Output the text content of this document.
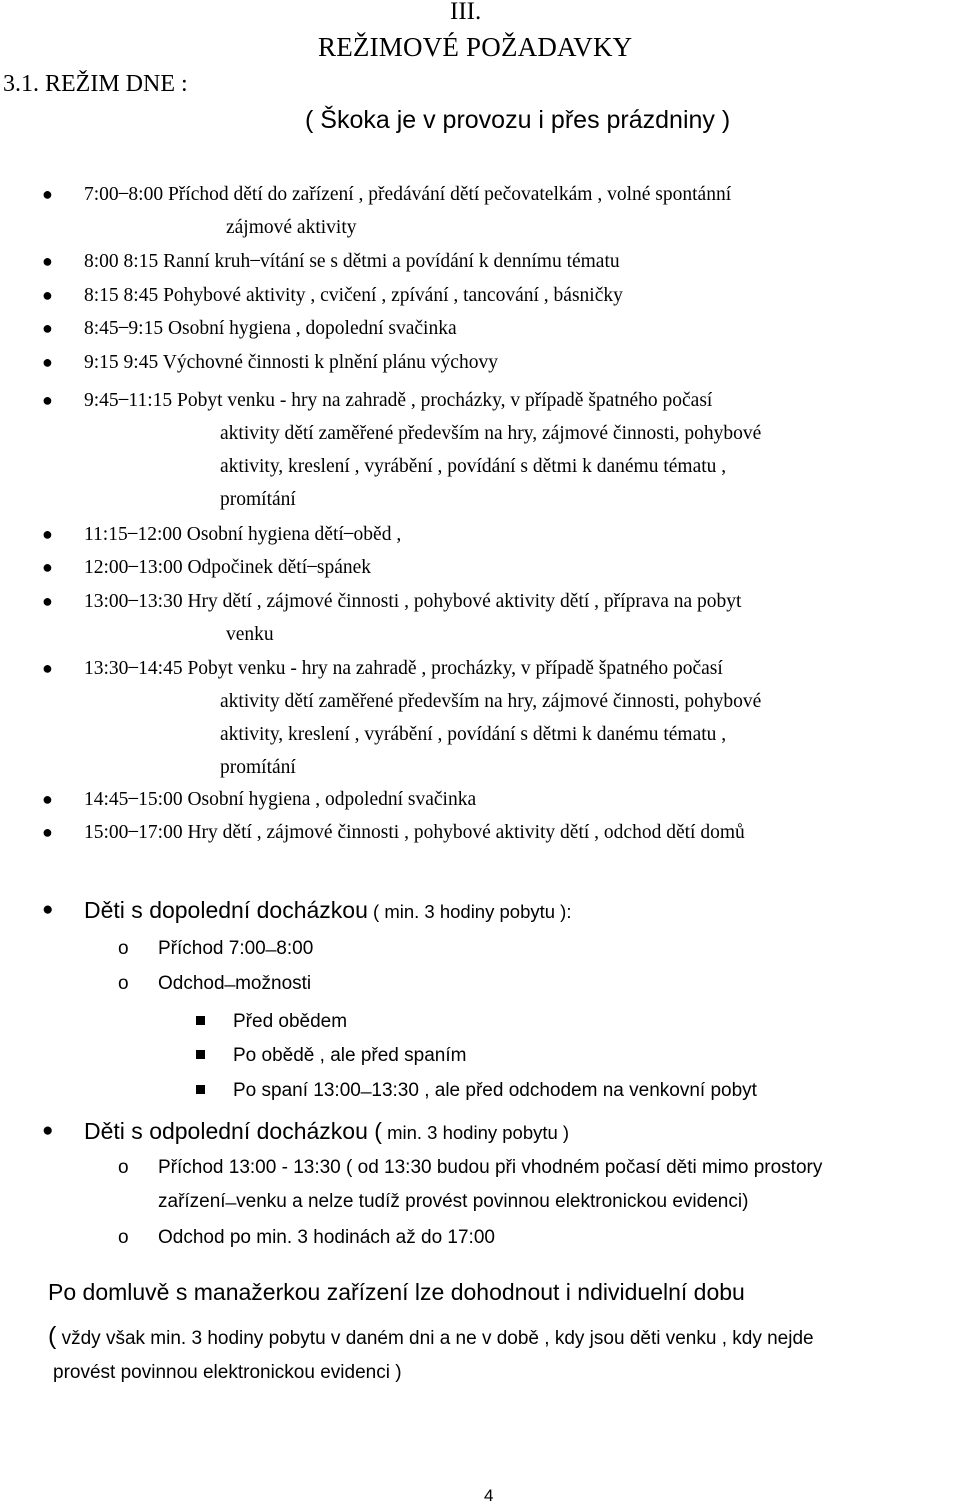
III.
REŽIMOVÉ POŽADAVKY
3.1. REŽIM DNE :
( Škoka je v provozu i přes prázdniny )
● 7:00 ̶ 8:00 Příchod dětí do zařízení , předávání dětí pečovatelkám , volné spontánní
zájmové aktivity
● 8:00 8:15 Ranní kruh ̶ vítání se s dětmi a povídání k dennímu tématu
● 8:15 8:45 Pohybové aktivity , cvičení , zpívání , tancování , básničky
● 8:45 ̶ 9:15 Osobní hygiena , dopolední svačinka
● 9:15 9:45 Výchovné činnosti k plnění plánu výchovy
● 9:45 ̶ 11:15 Pobyt venku - hry na zahradě , procházky, v případě špatného počasí
aktivity dětí zaměřené především na hry, zájmové činnosti, pohybové
aktivity, kreslení , vyrábění , povídání s dětmi k danému tématu ,
promítání
● 11:15 ̶ 12:00 Osobní hygiena dětí ̶ oběd ,
● 12:00 ̶ 13:00 Odpočinek dětí ̶ spánek
● 13:00 ̶ 13:30 Hry dětí , zájmové činnosti , pohybové aktivity dětí , příprava na pobyt
venku
● 13:30 ̶ 14:45 Pobyt venku - hry na zahradě , procházky, v případě špatného počasí
aktivity dětí zaměřené především na hry, zájmové činnosti, pohybové
aktivity, kreslení , vyrábění , povídání s dětmi k danému tématu ,
promítání
● 14:45 ̶ 15:00 Osobní hygiena , odpolední svačinka
● 15:00 ̶ 17:00 Hry dětí , zájmové činnosti , pohybové aktivity dětí , odchod dětí domů
● Děti s dopolední docházkou ( min. 3 hodiny pobytu ):
o Příchod 7:00 ̶ 8:00
o Odchod ̶ možnosti
Před obědem
Po obědě , ale před spaním
Po spaní 13:00 ̶ 13:30 , ale před odchodem na venkovní pobyt
● Děti s odpolední docházkou ( min. 3 hodiny pobytu )
o Příchod 13:00 - 13:30 ( od 13:30 budou při vhodném počasí děti mimo prostory
zařízení ̶ venku a nelze tudíž provést povinnou elektronickou evidenci)
o Odchod po min. 3 hodinách až do 17:00
Po domluvě s manažerkou zařízení lze dohodnout i ndividuelní dobu
( vždy však min. 3 hodiny pobytu v daném dni a ne v době , kdy jsou děti venku , kdy nejde
provést povinnou elektronickou evidenci )
4
